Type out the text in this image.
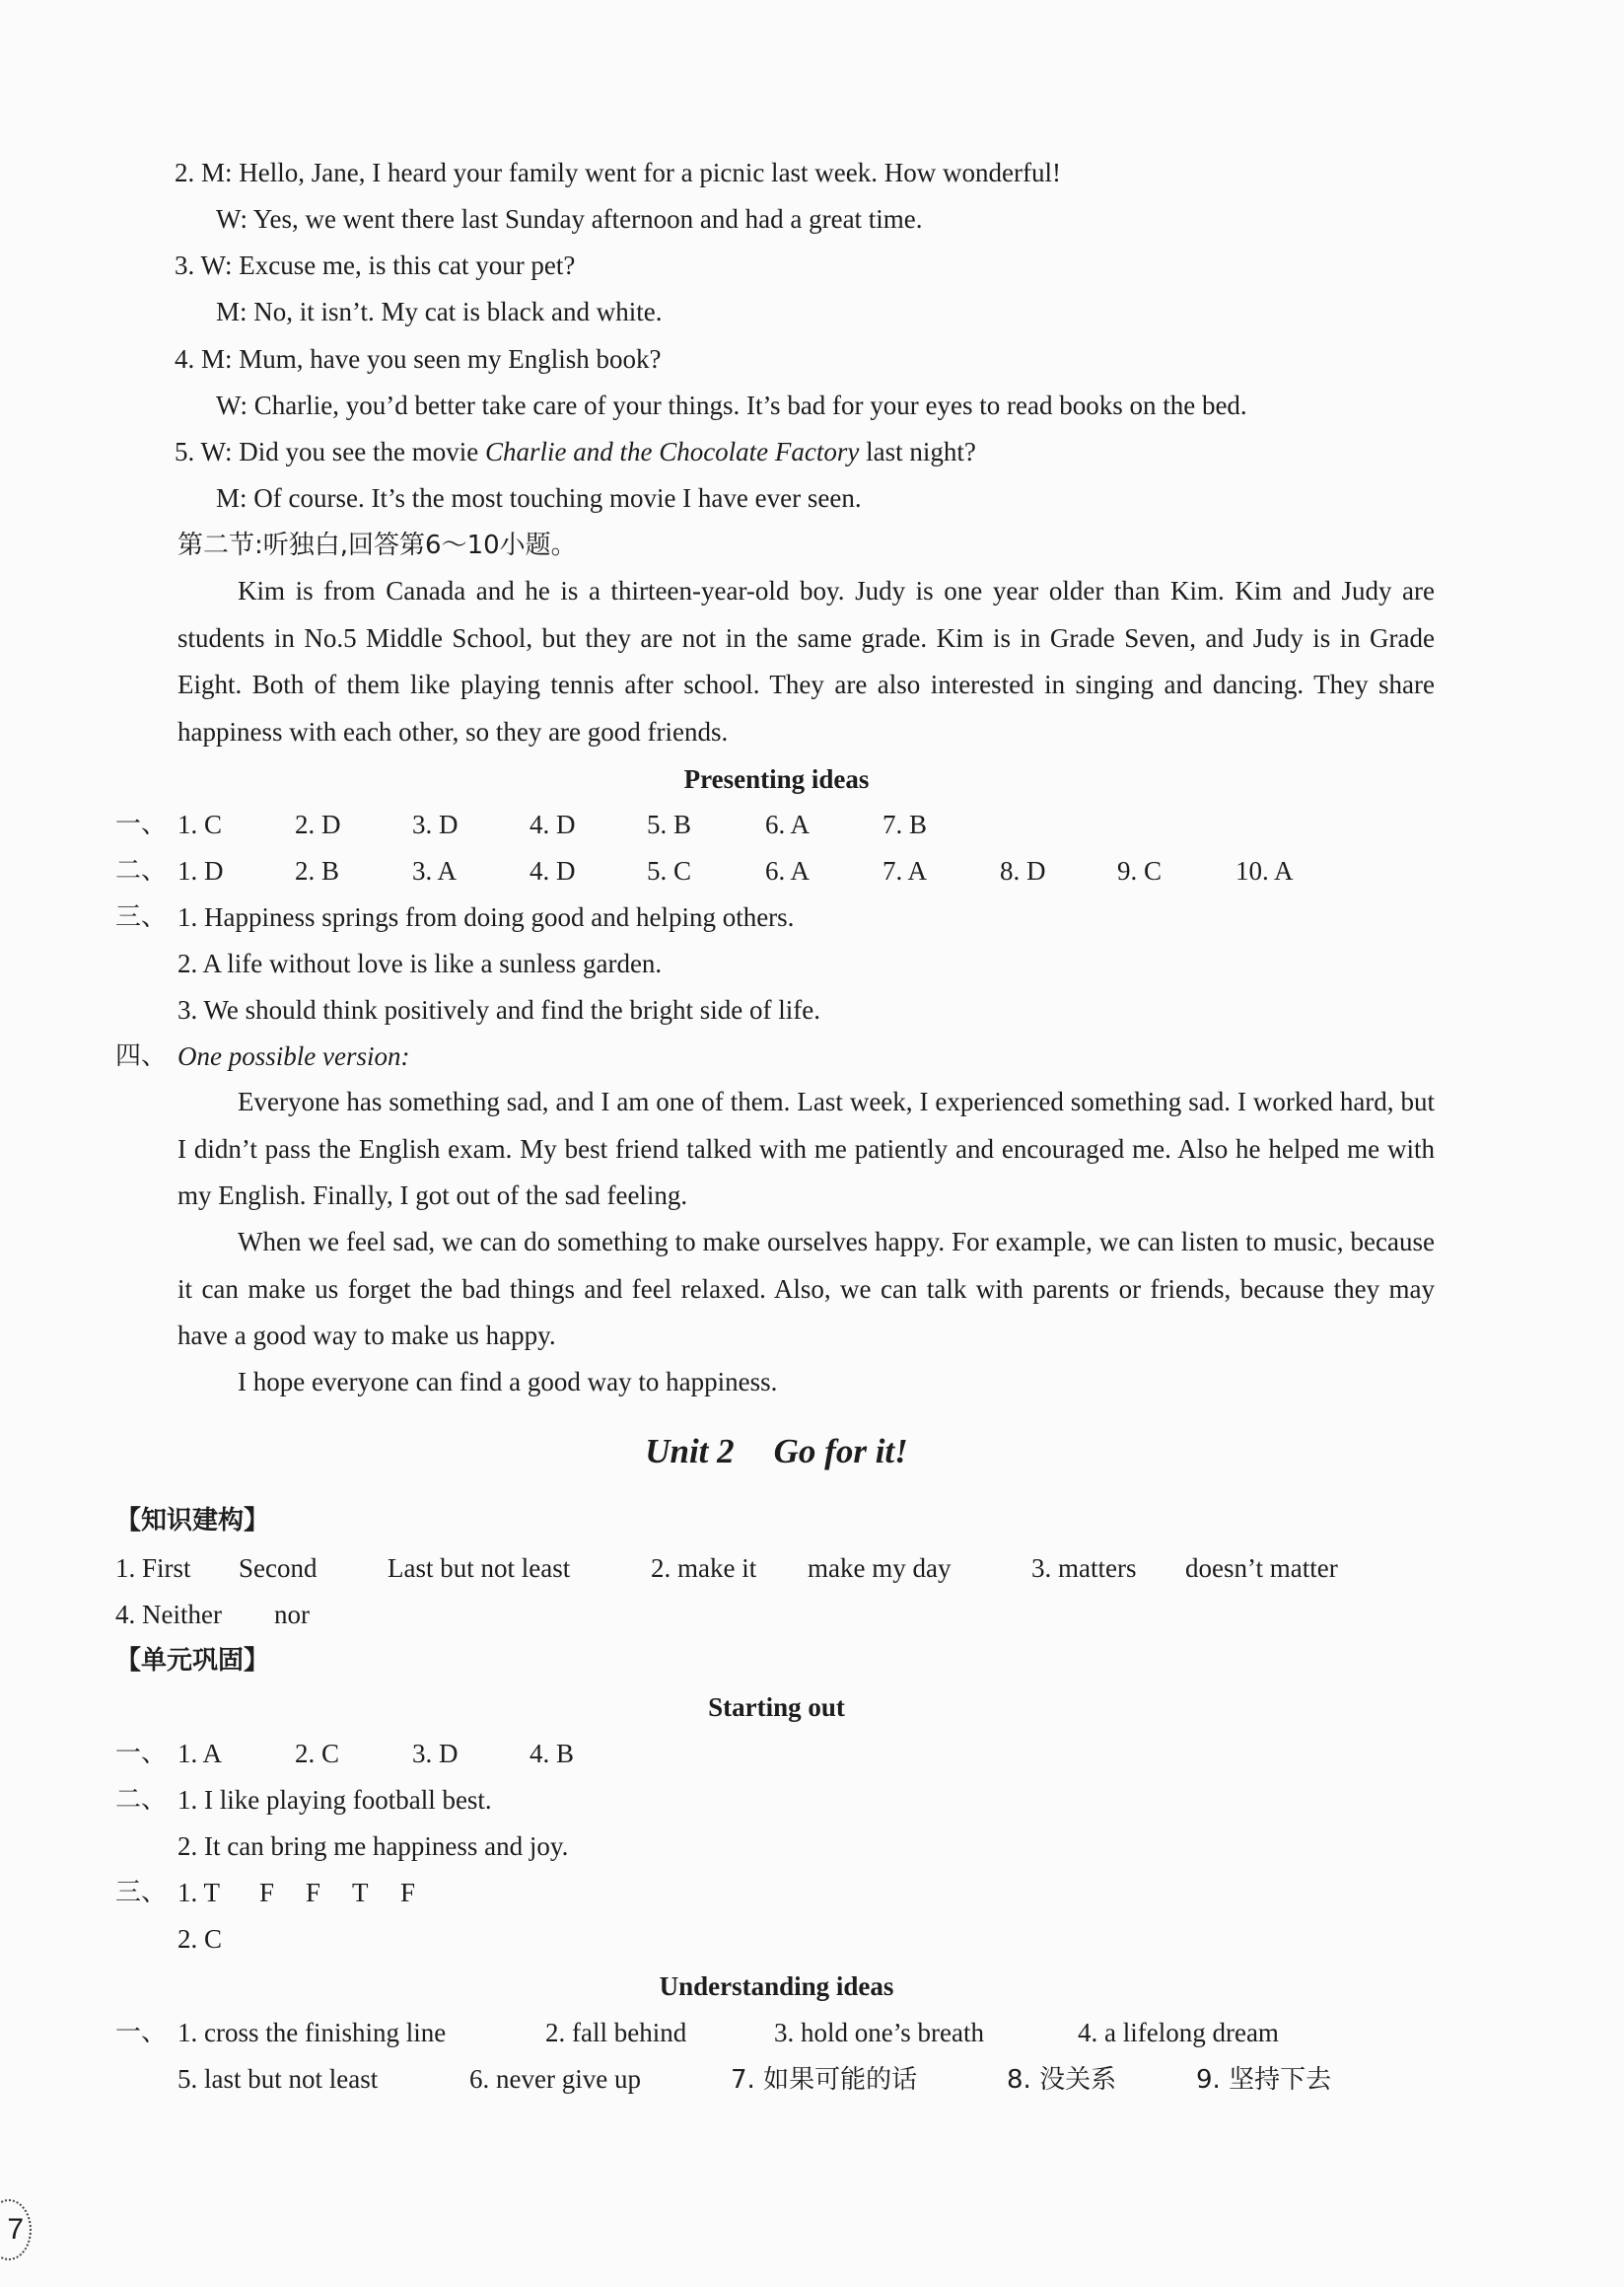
2. M: Hello, Jane, I heard your family went for a picnic last week. How wonderful!
W: Yes, we went there last Sunday afternoon and had a great time.
3. W: Excuse me, is this cat your pet?
M: No, it isn’t. My cat is black and white.
4. M: Mum, have you seen my English book?
W: Charlie, you’d better take care of your things. It’s bad for your eyes to read books on the bed.
5. W: Did you see the movie Charlie and the Chocolate Factory last night?
M: Of course. It’s the most touching movie I have ever seen.
第二节:听独白,回答第6～10小题。

Kim is from Canada and he is a thirteen-year-old boy. Judy is one year older than Kim. Kim and Judy are students in No.5 Middle School, but they are not in the same grade. Kim is in Grade Seven, and Judy is in Grade Eight. Both of them like playing tennis after school. They are also interested in singing and dancing. They share happiness with each other, so they are good friends.

Presenting ideas
一、 1. C	2. D	3. D	4. D	5. B	6. A	7. B
二、 1. D	2. B	3. A	4. D	5. C	6. A	7. A	8. D	9. C	10. A
三、 1. Happiness springs from doing good and helping others.
2. A life without love is like a sunless garden.
3. We should think positively and find the bright side of life.
四、 One possible version:

Everyone has something sad, and I am one of them. Last week, I experienced something sad. I worked hard, but I didn’t pass the English exam. My best friend talked with me patiently and encouraged me. Also he helped me with my English. Finally, I got out of the sad feeling.

When we feel sad, we can do something to make ourselves happy. For example, we can listen to music, because it can make us forget the bad things and feel relaxed. Also, we can talk with parents or friends, because they may have a good way to make us happy.

I hope everyone can find a good way to happiness.

Unit 2 Go for it!
【知识建构】
1. First Second	Last but not least	2. make it make my day	3. matters doesn’t matter
4. Neither nor
【单元巩固】
Starting out
一、 1. A	2. C	3. D	4. B
二、 1. I like playing football best.
2. It can bring me happiness and joy.
三、 1. T F F T F
2. C
Understanding ideas
一、 1. cross the finishing line	2. fall behind	3. hold one’s breath	4. a lifelong dream
5. last but not least	6. never give up	7. 如果可能的话	8. 没关系	9. 坚持下去
7
